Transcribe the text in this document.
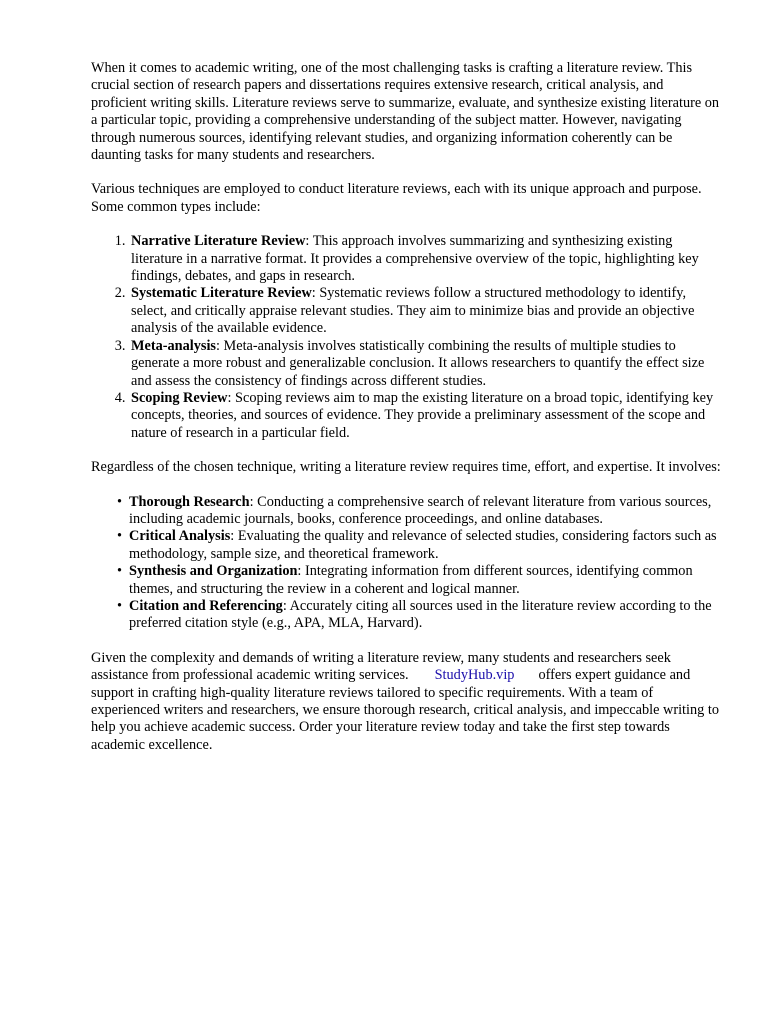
When it comes to academic writing, one of the most challenging tasks is crafting a literature review. This crucial section of research papers and dissertations requires extensive research, critical analysis, and proficient writing skills. Literature reviews serve to summarize, evaluate, and synthesize existing literature on a particular topic, providing a comprehensive understanding of the subject matter. However, navigating through numerous sources, identifying relevant studies, and organizing information coherently can be daunting tasks for many students and researchers.

Various techniques are employed to conduct literature reviews, each with its unique approach and purpose. Some common types include:

1. Narrative Literature Review: This approach involves summarizing and synthesizing existing literature in a narrative format. It provides a comprehensive overview of the topic, highlighting key findings, debates, and gaps in research.
2. Systematic Literature Review: Systematic reviews follow a structured methodology to identify, select, and critically appraise relevant studies. They aim to minimize bias and provide an objective analysis of the available evidence.
3. Meta-analysis: Meta-analysis involves statistically combining the results of multiple studies to generate a more robust and generalizable conclusion. It allows researchers to quantify the effect size and assess the consistency of findings across different studies.
4. Scoping Review: Scoping reviews aim to map the existing literature on a broad topic, identifying key concepts, theories, and sources of evidence. They provide a preliminary assessment of the scope and nature of research in a particular field.

Regardless of the chosen technique, writing a literature review requires time, effort, and expertise. It involves:

• Thorough Research: Conducting a comprehensive search of relevant literature from various sources, including academic journals, books, conference proceedings, and online databases.
• Critical Analysis: Evaluating the quality and relevance of selected studies, considering factors such as methodology, sample size, and theoretical framework.
• Synthesis and Organization: Integrating information from different sources, identifying common themes, and structuring the review in a coherent and logical manner.
• Citation and Referencing: Accurately citing all sources used in the literature review according to the preferred citation style (e.g., APA, MLA, Harvard).

Given the complexity and demands of writing a literature review, many students and researchers seek assistance from professional academic writing services. StudyHub.vip offers expert guidance and support in crafting high-quality literature reviews tailored to specific requirements. With a team of experienced writers and researchers, we ensure thorough research, critical analysis, and impeccable writing to help you achieve academic success. Order your literature review today and take the first step towards academic excellence.
